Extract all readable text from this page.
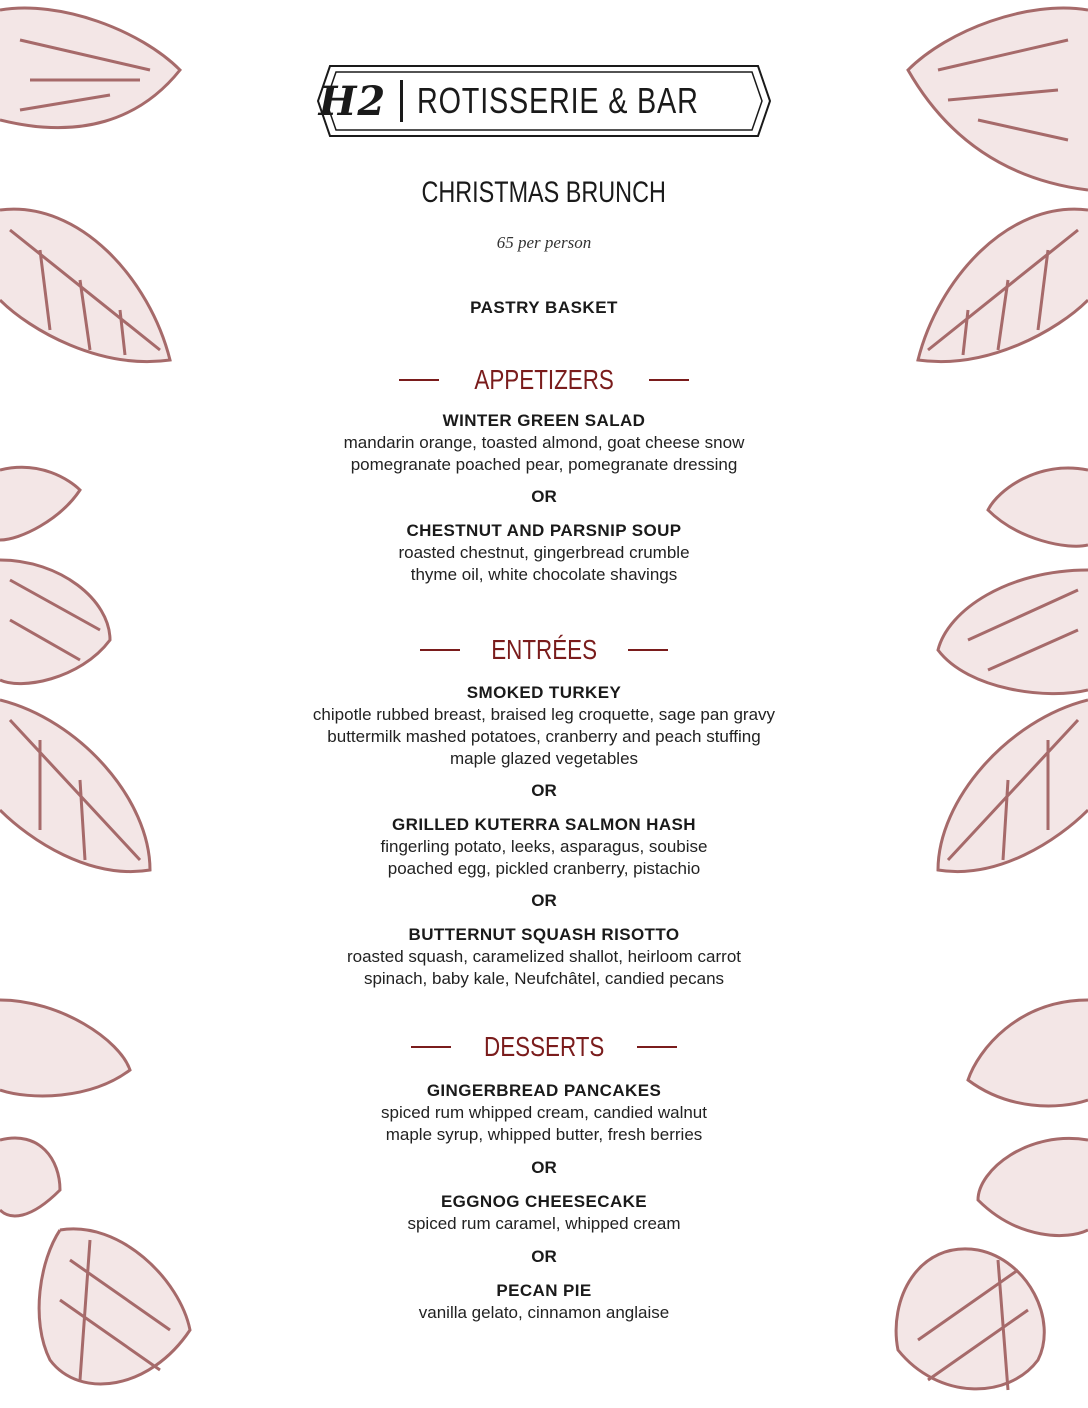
H2 ROTISSERIE & BAR
CHRISTMAS BRUNCH
65 per person
PASTRY BASKET
APPETIZERS
WINTER GREEN SALAD
mandarin orange, toasted almond, goat cheese snow
pomegranate poached pear, pomegranate dressing
OR
CHESTNUT AND PARSNIP SOUP
roasted chestnut, gingerbread crumble
thyme oil, white chocolate shavings
ENTRÉES
SMOKED TURKEY
chipotle rubbed breast, braised leg croquette, sage pan gravy
buttermilk mashed potatoes, cranberry and peach stuffing
maple glazed vegetables
OR
GRILLED KUTERRA SALMON HASH
fingerling potato, leeks, asparagus, soubise
poached egg, pickled cranberry, pistachio
OR
BUTTERNUT SQUASH RISOTTO
roasted squash, caramelized shallot, heirloom carrot
spinach, baby kale, Neufchâtel, candied pecans
DESSERTS
GINGERBREAD PANCAKES
spiced rum whipped cream, candied walnut
maple syrup, whipped butter, fresh berries
OR
EGGNOG CHEESECAKE
spiced rum caramel, whipped cream
OR
PECAN PIE
vanilla gelato, cinnamon anglaise
